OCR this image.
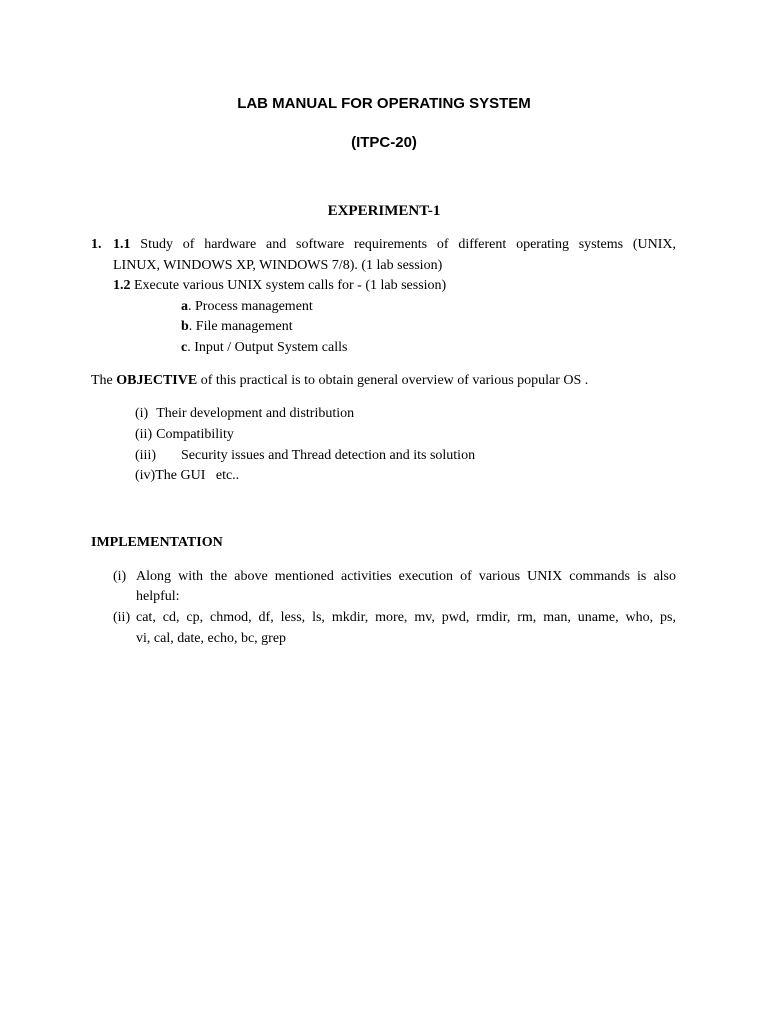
LAB MANUAL FOR OPERATING SYSTEM
(ITPC-20)
EXPERIMENT-1
1. 1.1 Study of hardware and software requirements of different operating systems (UNIX,
LINUX, WINDOWS XP, WINDOWS 7/8). (1 lab session)
1.2 Execute various UNIX system calls for - (1 lab session)
a. Process management
b. File management
c. Input / Output System calls
The OBJECTIVE of this practical is to obtain general overview of various popular OS .
(i) Their development and distribution
(ii) Compatibility
(iii) Security issues and Thread detection and its solution
(iv)The GUI   etc..
IMPLEMENTATION
(i) Along with the above mentioned activities execution of various UNIX commands is also
helpful:
(ii) cat, cd, cp, chmod, df, less, ls, mkdir, more, mv, pwd, rmdir, rm, man, uname, who, ps,
vi, cal, date, echo, bc, grep
